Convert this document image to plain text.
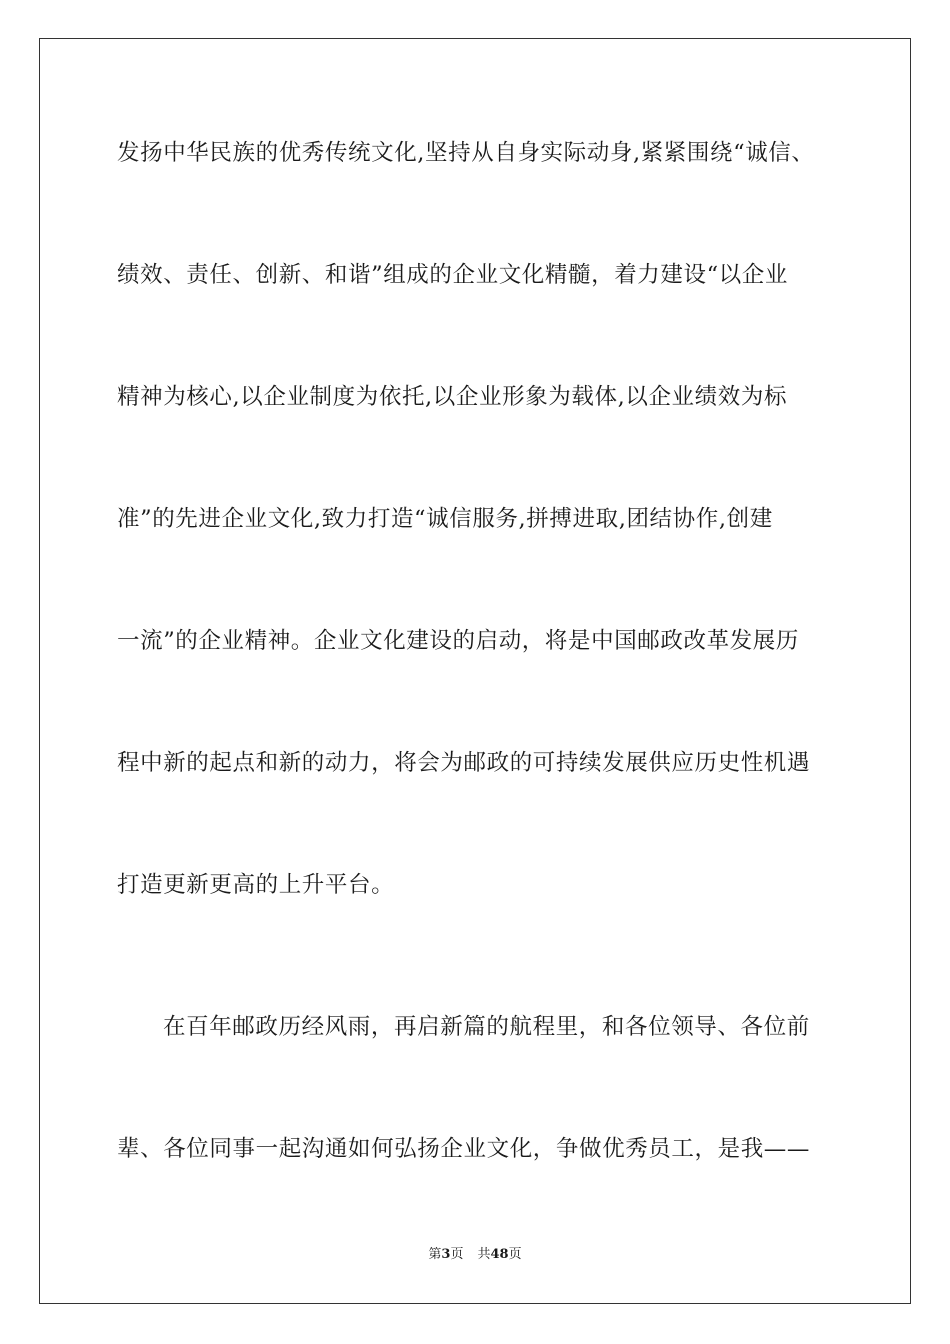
发扬中华民族的优秀传统文化,坚持从自身实际动身,紧紧围绕“诚信、
绩效、责任、创新、和谐”组成的企业文化精髓，着力建设“以企业
精神为核心,以企业制度为依托,以企业形象为载体,以企业绩效为标
准”的先进企业文化,致力打造“诚信服务,拼搏进取,团结协作,创建
一流”的企业精神。企业文化建设的启动，将是中国邮政改革发展历
程中新的起点和新的动力，将会为邮政的可持续发展供应历史性机遇
打造更新更高的上升平台。
在百年邮政历经风雨，再启新篇的航程里，和各位领导、各位前
辈、各位同事一起沟通如何弘扬企业文化，争做优秀员工，是我——
第3页 共48页
